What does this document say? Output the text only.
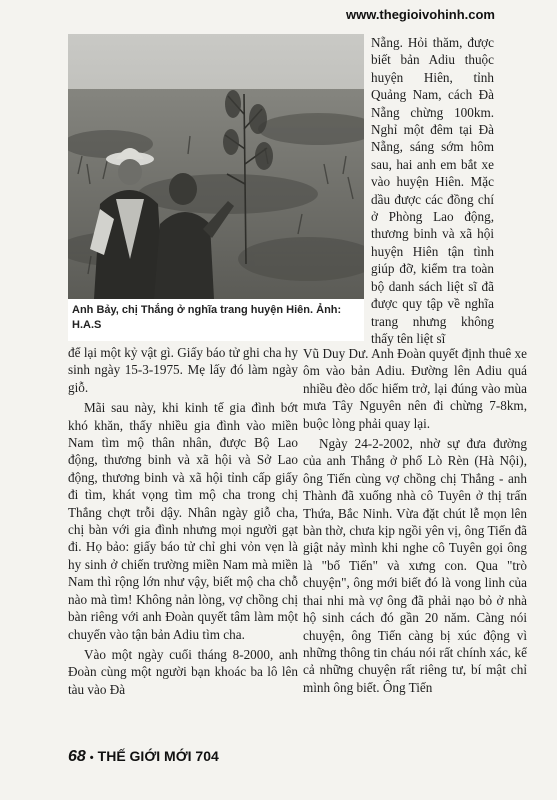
www.thegioivohinh.com
Anh Bảy, chị Thắng ở nghĩa trang huyện Hiên. Ảnh: H.A.S

Nẵng. Hỏi thăm, được biết bản Adiu thuộc huyện Hiên, tỉnh Quảng Nam, cách Đà Nẵng chừng 100km. Nghỉ một đêm tại Đà Nẵng, sáng sớm hôm sau, hai anh em bắt xe vào huyện Hiên. Mặc dầu được các đồng chí ở Phòng Lao động, thương binh và xã hội huyện Hiên tận tình giúp đỡ, kiểm tra toàn bộ danh sách liệt sĩ đã được quy tập về nghĩa trang nhưng không thấy tên liệt sĩ

để lại một kỷ vật gì. Giấy báo tử ghi cha hy sinh ngày 15-3-1975. Mẹ lấy đó làm ngày giỗ.

Mãi sau này, khi kinh tế gia đình bớt khó khăn, thấy nhiều gia đình vào miền Nam tìm mộ thân nhân, được Bộ Lao động, thương binh và xã hội và Sở Lao động, thương binh và xã hội tỉnh cấp giấy đi tìm, khát vọng tìm mộ cha trong chị Thắng chợt trỗi dậy. Nhân ngày giỗ cha, chị bàn với gia đình nhưng mọi người gạt đi. Họ bảo: giấy báo tử chỉ ghi vỏn vẹn là hy sinh ở chiến trường miền Nam mà miền Nam thì rộng lớn như vậy, biết mộ cha chỗ nào mà tìm! Không nản lòng, vợ chồng chị bàn riêng với anh Đoàn quyết tâm làm một chuyến vào tận bản Adiu tìm cha.

Vào một ngày cuối tháng 8-2000, anh Đoàn cùng một người bạn khoác ba lô lên tàu vào Đà

Vũ Duy Dư. Anh Đoàn quyết định thuê xe ôm vào bản Adiu. Đường lên Adiu quá nhiều đèo dốc hiểm trở, lại đúng vào mùa mưa Tây Nguyên nên đi chừng 7-8km, buộc lòng phải quay lại.

Ngày 24-2-2002, nhờ sự đưa đường của anh Thắng ở phố Lò Rèn (Hà Nội), ông Tiến cùng vợ chồng chị Thắng - anh Thành đã xuống nhà cô Tuyên ở thị trấn Thứa, Bắc Ninh. Vừa đặt chút lễ mọn lên bàn thờ, chưa kịp ngồi yên vị, ông Tiến đã giật nảy mình khi nghe cô Tuyên gọi ông là "bố Tiến" và xưng con. Qua "trò chuyện", ông mới biết đó là vong linh của thai nhi mà vợ ông đã phải nạo bỏ ở nhà hộ sinh cách đó gần 20 năm. Càng nói chuyện, ông Tiến càng bị xúc động vì những thông tin cháu nói rất chính xác, kể cả những chuyện rất riêng tư, bí mật chỉ mình ông biết. Ông Tiến

68 • THẾ GIỚI MỚI 704
